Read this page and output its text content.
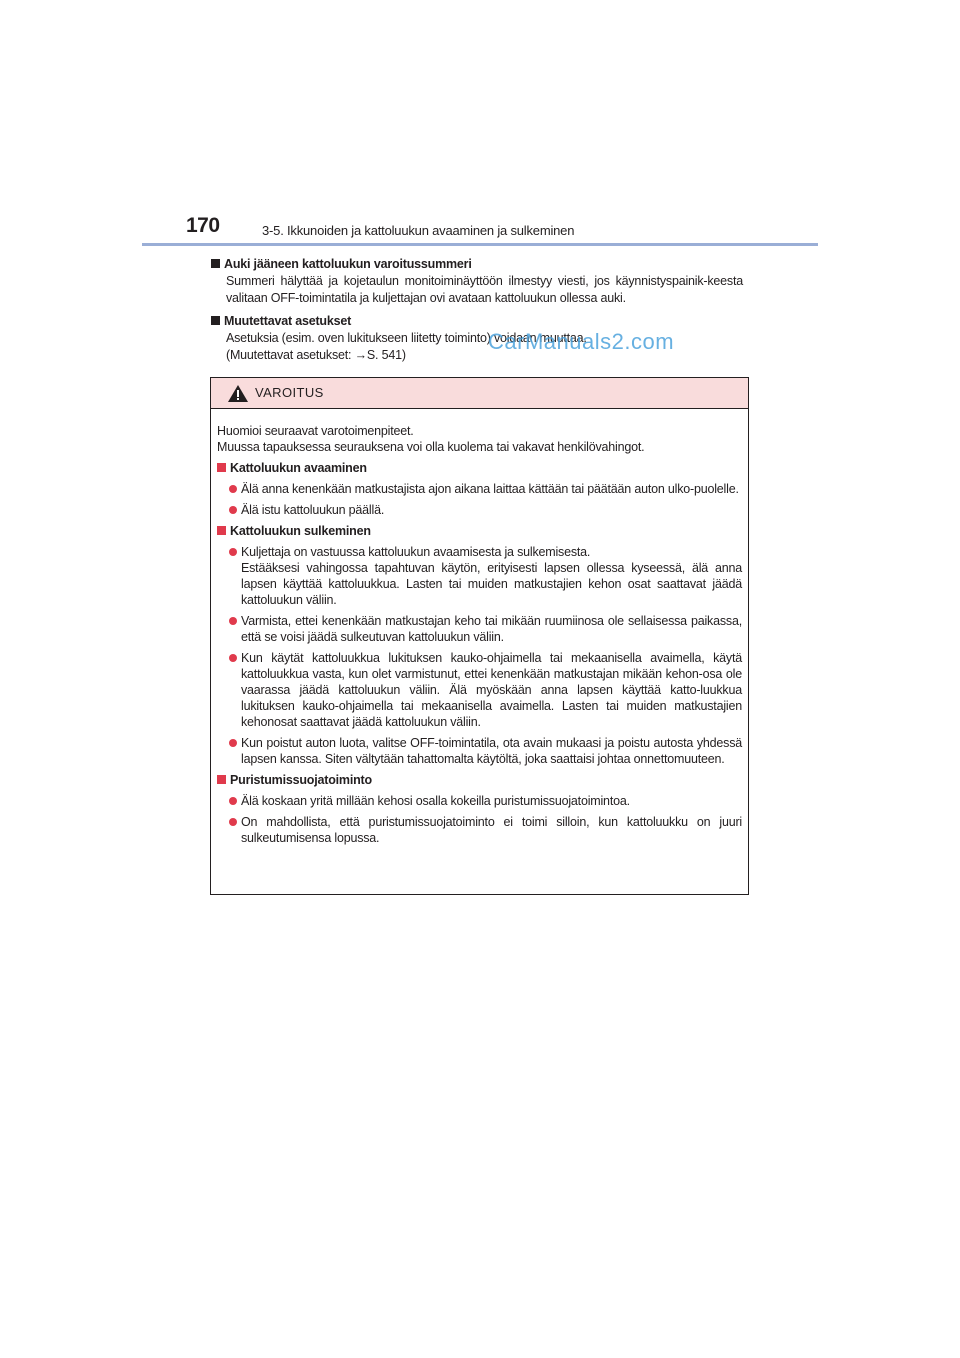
170	3-5. Ikkunoiden ja kattoluukun avaaminen ja sulkeminen
Auki jääneen kattoluukun varoitussummeri
Summeri hälyttää ja kojetaulun monitoiminäyttöön ilmestyy viesti, jos käynnistyspainik-keesta valitaan OFF-toimintatila ja kuljettajan ovi avataan kattoluukun ollessa auki.
Muutettavat asetukset
Asetuksia (esim. oven lukitukseen liitetty toiminto) voidaan muuttaa.
(Muutettavat asetukset: →S. 541)
CarManuals2.com
VAROITUS
Huomioi seuraavat varotoimenpiteet.
Muussa tapauksessa seurauksena voi olla kuolema tai vakavat henkilövahingot.
Kattoluukun avaaminen
Älä anna kenenkään matkustajista ajon aikana laittaa kättään tai päätään auton ulko-puolelle.
Älä istu kattoluukun päällä.
Kattoluukun sulkeminen
Kuljettaja on vastuussa kattoluukun avaamisesta ja sulkemisesta.
Estääksesi vahingossa tapahtuvan käytön, erityisesti lapsen ollessa kyseessä, älä anna lapsen käyttää kattoluukkua. Lasten tai muiden matkustajien kehon osat saattavat jäädä kattoluukun väliin.
Varmista, ettei kenenkään matkustajan keho tai mikään ruumiinosa ole sellaisessa paikassa, että se voisi jäädä sulkeutuvan kattoluukun väliin.
Kun käytät kattoluukkua lukituksen kauko-ohjaimella tai mekaanisella avaimella, käytä kattoluukkua vasta, kun olet varmistunut, ettei kenenkään matkustajan mikään kehon-osa ole vaarassa jäädä kattoluukun väliin. Älä myöskään anna lapsen käyttää katto-luukkua lukituksen kauko-ohjaimella tai mekaanisella avaimella. Lasten tai muiden matkustajien kehonosat saattavat jäädä kattoluukun väliin.
Kun poistut auton luota, valitse OFF-toimintatila, ota avain mukaasi ja poistu autosta yhdessä lapsen kanssa. Siten vältytään tahattomalta käytöltä, joka saattaisi johtaa onnettomuuteen.
Puristumissuojatoiminto
Älä koskaan yritä millään kehosi osalla kokeilla puristumissuojatoimintoa.
On mahdollista, että puristumissuojatoiminto ei toimi silloin, kun kattoluukku on juuri sulkeutumisensa lopussa.
